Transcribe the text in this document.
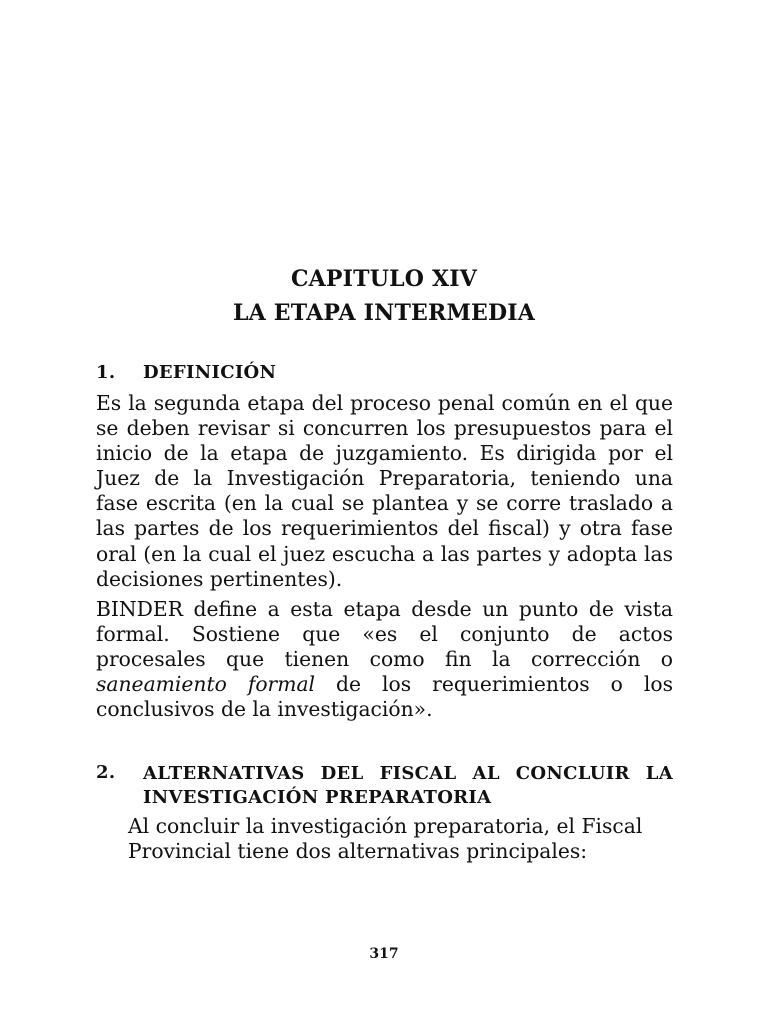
CAPITULO XIV
LA ETAPA INTERMEDIA
1. DEFINICIÓN
Es la segunda etapa del proceso penal común en el que se deben revisar si concurren los presupuestos para el inicio de la etapa de juzgamiento. Es dirigida por el Juez de la Investigación Preparatoria, teniendo una fase escrita (en la cual se plantea y se corre traslado a las partes de los requerimientos del fiscal) y otra fase oral (en la cual el juez escucha a las partes y adopta las decisiones pertinentes).
BINDER define a esta etapa desde un punto de vista formal. Sostiene que «es el conjunto de actos procesales que tienen como fin la corrección o saneamiento formal de los requerimientos o los conclusivos de la investigación».
2. ALTERNATIVAS DEL FISCAL AL CONCLUIR LA INVESTIGACIÓN PREPARATORIA
Al concluir la investigación preparatoria, el Fiscal Provincial tiene dos alternativas principales:
317
